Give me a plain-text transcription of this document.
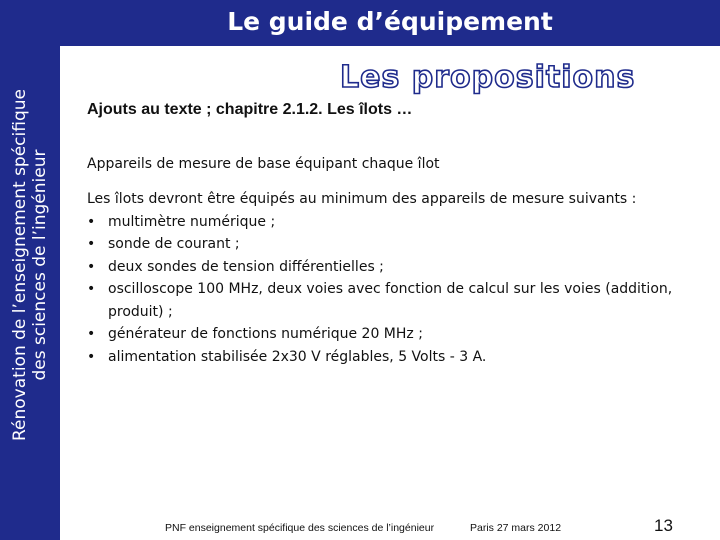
Rénovation de l’enseignement spécifique des sciences de l’ingénieur
Le guide d’équipement
Les propositions
Ajouts au texte ; chapitre 2.1.2. Les îlots …
Appareils de mesure de base équipant chaque îlot
Les îlots devront être équipés au minimum des appareils de mesure suivants :
• multimètre numérique ;
• sonde de courant ;
• deux sondes de tension différentielles ;
• oscilloscope 100 MHz, deux voies avec fonction de calcul sur les voies (addition, produit) ;
• générateur de fonctions numérique 20 MHz ;
• alimentation stabilisée 2x30 V réglables, 5 Volts - 3 A.
PNF enseignement spécifique des sciences de l’ingénieur	Paris 27 mars 2012	13
